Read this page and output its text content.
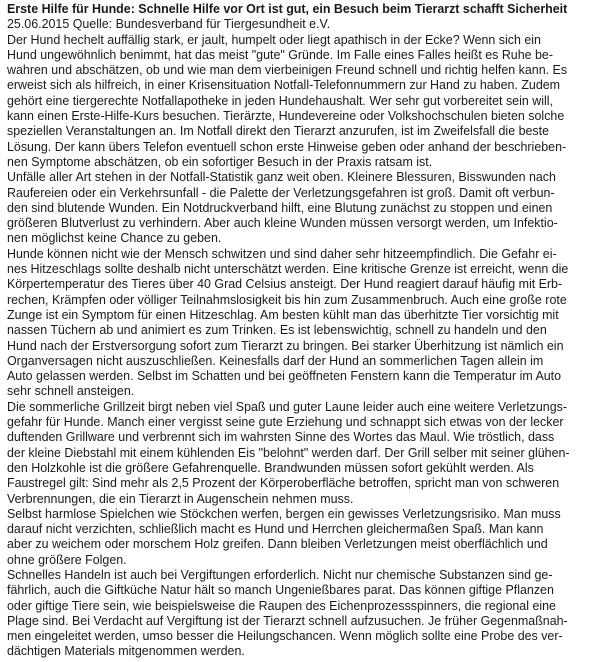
Erste Hilfe für Hunde: Schnelle Hilfe vor Ort ist gut, ein Besuch beim Tierarzt schafft Sicherheit

25.06.2015 Quelle: Bundesverband für Tiergesundheit e.V.

Der Hund hechelt auffällig stark, er jault, humpelt oder liegt apathisch in der Ecke? Wenn sich ein

Hund ungewöhnlich benimmt, hat das meist "gute" Gründe. Im Falle eines Falles heißt es Ruhe be-

wahren und abschätzen, ob und wie man dem vierbeinigen Freund schnell und richtig helfen kann. Es

erweist sich als hilfreich, in einer Krisensituation Notfall-Telefonnummern zur Hand zu haben. Zudem

gehört eine tiergerechte Notfallapotheke in jeden Hundehaushalt. Wer sehr gut vorbereitet sein will,

kann einen Erste-Hilfe-Kurs besuchen. Tierärzte, Hundevereine oder Volkshochschulen bieten solche

speziellen Veranstaltungen an. Im Notfall direkt den Tierarzt anzurufen, ist im Zweifelsfall die beste

Lösung. Der kann übers Telefon eventuell schon erste Hinweise geben oder anhand der beschrieben-

nen Symptome abschätzen, ob ein sofortiger Besuch in der Praxis ratsam ist.

Unfälle aller Art stehen in der Notfall-Statistik ganz weit oben. Kleinere Blessuren, Bisswunden nach

Raufereien oder ein Verkehrsunfall - die Palette der Verletzungsgefahren ist groß. Damit oft verbun-

den sind blutende Wunden. Ein Notdruckverband hilft, eine Blutung zunächst zu stoppen und einen

größeren Blutverlust zu verhindern. Aber auch kleine Wunden müssen versorgt werden, um Infektio-

nen möglichst keine Chance zu geben.

Hunde können nicht wie der Mensch schwitzen und sind daher sehr hitzeempfindlich. Die Gefahr ei-

nes Hitzeschlags sollte deshalb nicht unterschätzt werden. Eine kritische Grenze ist erreicht, wenn die

Körpertemperatur des Tieres über 40 Grad Celsius ansteigt. Der Hund reagiert darauf häufig mit Erb-

rechen, Krämpfen oder völliger Teilnahmslosigkeit bis hin zum Zusammenbruch. Auch eine große rote

Zunge ist ein Symptom für einen Hitzeschlag. Am besten kühlt man das überhitzte Tier vorsichtig mit

nassen Tüchern ab und animiert es zum Trinken. Es ist lebenswichtig, schnell zu handeln und den

Hund nach der Erstversorgung sofort zum Tierarzt zu bringen. Bei starker Überhitzung ist nämlich ein

Organversagen nicht auszuschließen. Keinesfalls darf der Hund an sommerlichen Tagen allein im

Auto gelassen werden. Selbst im Schatten und bei geöffneten Fenstern kann die Temperatur im Auto

sehr schnell ansteigen.

Die sommerliche Grillzeit birgt neben viel Spaß und guter Laune leider auch eine weitere Verletzungs-

gefahr für Hunde. Manch einer vergisst seine gute Erziehung und schnappt sich etwas von der lecker

duftenden Grillware und verbrennt sich im wahrsten Sinne des Wortes das Maul. Wie tröstlich, dass

der kleine Diebstahl mit einem kühlenden Eis "belohnt" werden darf. Der Grill selber mit seiner glühen-

den Holzkohle ist die größere Gefahrenquelle. Brandwunden müssen sofort gekühlt werden. Als

Faustregel gilt: Sind mehr als 2,5 Prozent der Körperoberfläche betroffen, spricht man von schweren

Verbrennungen, die ein Tierarzt in Augenschein nehmen muss.

Selbst harmlose Spielchen wie Stöckchen werfen, bergen ein gewisses Verletzungsrisiko. Man muss

darauf nicht verzichten, schließlich macht es Hund und Herrchen gleichermaßen Spaß. Man kann

aber zu weichem oder morschem Holz greifen. Dann bleiben Verletzungen meist oberflächlich und

ohne größere Folgen.

Schnelles Handeln ist auch bei Vergiftungen erforderlich. Nicht nur chemische Substanzen sind ge-

fährlich, auch die Giftküche Natur hält so manch Ungeniеßbares parat. Das können giftige Pflanzen

oder giftige Tiere sein, wie beispielsweise die Raupen des Eichenprozessspinners, die regional eine

Plage sind. Bei Verdacht auf Vergiftung ist der Tierarzt schnell aufzusuchen. Je früher Gegenmaßnah-

men eingeleitet werden, umso besser die Heilungschancen. Wenn möglich sollte eine Probe des ver-

dächtigen Materials mitgenommen werden.
